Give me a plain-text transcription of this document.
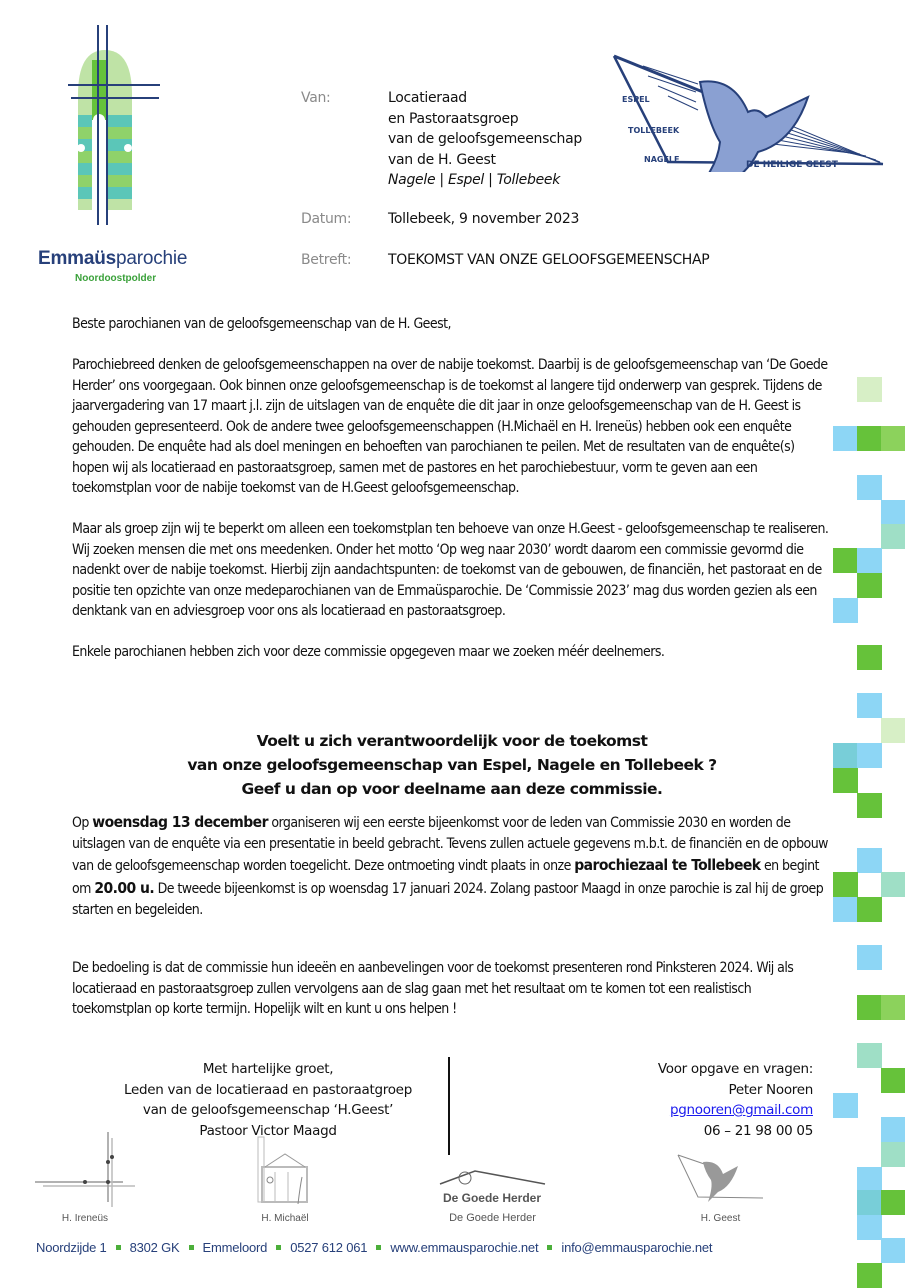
Emmaüsparochie
Noordoostpolder
Van:	Locatieraad
en Pastoraatsgroep
van de geloofsgemeenschap
van de H. Geest
Nagele | Espel | Tollebeek
Datum:	Tollebeek, 9 november 2023
Betreft:	TOEKOMST VAN ONZE GELOOFSGEMEENSCHAP
ESPEL
TOLLEBEEK
NAGELE
DE HEILIGE GEEST

Beste parochianen van de geloofsgemeenschap van de H. Geest,

Parochiebreed denken de geloofsgemeenschappen na over de nabije toekomst. Daarbij is de geloofsgemeenschap van ‘De Goede Herder’ ons voorgegaan. Ook binnen onze geloofsgemeenschap is de toekomst al langere tijd onderwerp van gesprek. Tijdens de jaarvergadering van 17 maart j.l. zijn de uitslagen van de enquête die dit jaar in onze geloofsgemeenschap van de H. Geest is gehouden gepresenteerd. Ook de andere twee geloofsgemeenschappen (H.Michaël en H. Ireneüs) hebben ook een enquête gehouden. De enquête had als doel meningen en behoeften van parochianen te peilen. Met de resultaten van de enquête(s) hopen wij als locatieraad en pastoraatsgroep, samen met de pastores en het parochiebestuur, vorm te geven aan een toekomstplan voor de nabije toekomst van de H.Geest geloofsgemeenschap.

Maar als groep zijn wij te beperkt om alleen een toekomstplan ten behoeve van onze H.Geest - geloofsgemeenschap te realiseren. Wij zoeken mensen die met ons meedenken. Onder het motto ‘Op weg naar 2030’ wordt daarom een commissie gevormd die nadenkt over de nabije toekomst. Hierbij zijn aandachtspunten: de toekomst van de gebouwen, de financiën, het pastoraat en de positie ten opzichte van onze medeparochianen van de Emmaüsparochie. De ‘Commissie 2023’ mag dus worden gezien als een denktank van en adviesgroep voor ons als locatieraad en pastoraatsgroep.

Enkele parochianen hebben zich voor deze commissie opgegeven maar we zoeken méér deelnemers.

Voelt u zich verantwoordelijk voor de toekomst
van onze geloofsgemeenschap van Espel, Nagele en Tollebeek ?
Geef u dan op voor deelname aan deze commissie.

Op woensdag 13 december organiseren wij een eerste bijeenkomst voor de leden van Commissie 2030 en worden de uitslagen van de enquête via een presentatie in beeld gebracht. Tevens zullen actuele gegevens m.b.t. de financiën en de opbouw van de geloofsgemeenschap worden toegelicht. Deze ontmoeting vindt plaats in onze parochiezaal te Tollebeek en begint om 20.00 u. De tweede bijeenkomst is op woensdag 17 januari 2024. Zolang pastoor Maagd in onze parochie is zal hij de groep starten en begeleiden.

De bedoeling is dat de commissie hun ideeën en aanbevelingen voor de toekomst presenteren rond Pinksteren 2024. Wij als locatieraad en pastoraatsgroep zullen vervolgens aan de slag gaan met het resultaat om te komen tot een realistisch toekomstplan op korte termijn. Hopelijk wilt en kunt u ons helpen !
Met hartelijke groet,
Leden van de locatieraad en pastoraatgroep
van de geloofsgemeenschap ‘H.Geest’
Pastoor Victor Maagd
Voor opgave en vragen:
Peter Nooren
pgnooren@gmail.com
06 – 21 98 00 05
H. Ireneüs	H. Michaël
De Goede Herder
De Goede Herder	H. Geest
Noordzijde 1 8302 GK Emmeloord 0527 612 061 www.emmausparochie.net info@emmausparochie.net
